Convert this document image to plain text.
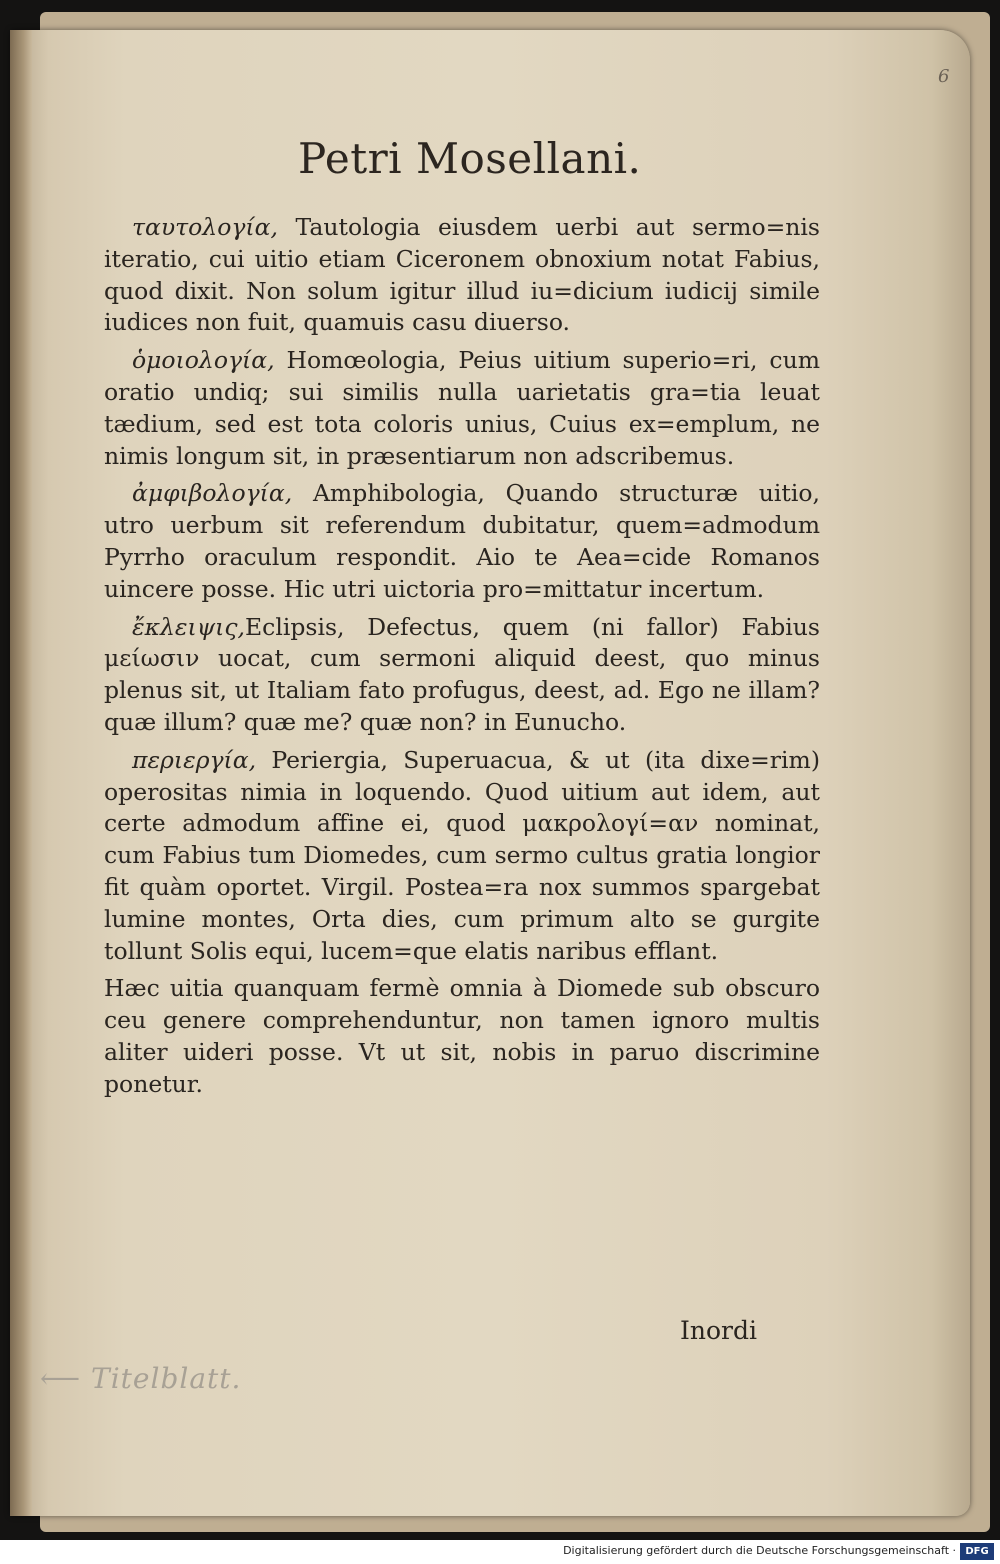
6
Petri Mosellani.

ταυτολογία, Tautologia eiusdem uerbi aut sermo=nis iteratio, cui uitio etiam Ciceronem obnoxium notat Fabius, quod dixit. Non solum igitur illud iu=dicium iudicij simile iudices non fuit, quamuis casu diuerso.

ὁμοιολογία, Homœologia, Peius uitium superio=ri, cum oratio undiq; sui similis nulla uarietatis gra=tia leuat tædium, sed est tota coloris unius, Cuius ex=emplum, ne nimis longum sit, in præsentiarum non adscribemus.

ἀμφιβολογία, Amphibologia, Quando structuræ uitio, utro uerbum sit referendum dubitatur, quem=admodum Pyrrho oraculum respondit. Aio te Aea=cide Romanos uincere posse. Hic utri uictoria pro=mittatur incertum.

ἔκλειψις,Eclipsis, Defectus, quem (ni fallor) Fabius μείωσιν uocat, cum sermoni aliquid deest, quo minus plenus sit, ut Italiam fato profugus, deest, ad. Ego ne illam? quæ illum? quæ me? quæ non? in Eunucho.

περιεργία, Periergia, Superuacua, & ut (ita dixe=rim) operositas nimia in loquendo. Quod uitium aut idem, aut certe admodum affine ei, quod μακρολογί=αν nominat, cum Fabius tum Diomedes, cum sermo cultus gratia longior fit quàm oportet. Virgil. Postea=ra nox summos spargebat lumine montes, Orta dies, cum primum alto se gurgite tollunt Solis equi, lucem=que elatis naribus efflant.

Hæc uitia quanquam fermè omnia à Diomede sub obscuro ceu genere comprehenduntur, non tamen ignoro multis aliter uideri posse. Vt ut sit, nobis in paruo discrimine ponetur.

Inordi
⟵ Titelblatt.
Digitalisierung gefördert durch die Deutsche Forschungsgemeinschaft · DFG
